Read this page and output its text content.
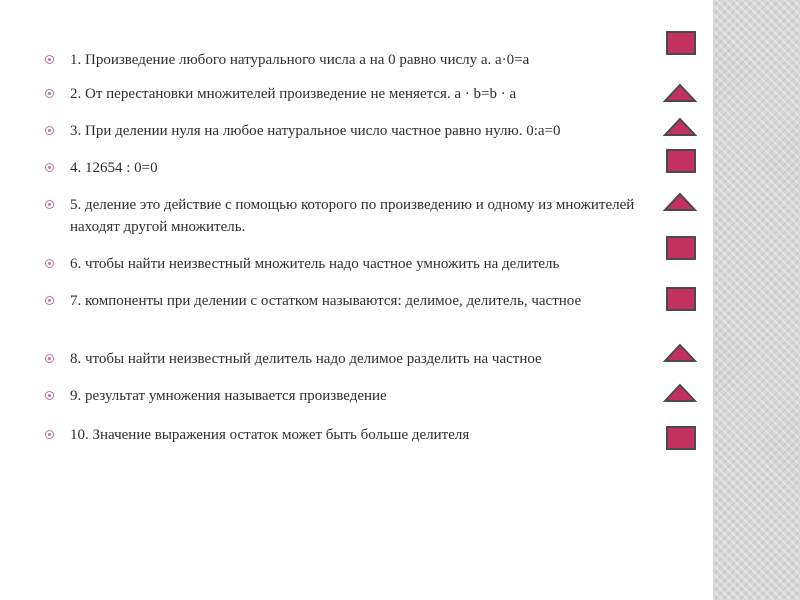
1. Произведение любого натурального числа a на 0 равно числу a. a·0=a
2. От перестановки множителей произведение не меняется. a · b=b · a
3. При делении нуля на любое натуральное число частное равно нулю. 0:a=0
4. 12654 : 0=0
5. деление это действие с помощью которого по произведению и одному из множителей находят другой множитель.
6. чтобы найти неизвестный множитель надо частное умножить на делитель
7. компоненты при делении с остатком называются: делимое, делитель, частное
8. чтобы найти неизвестный делитель надо делимое разделить на частное
9. результат умножения называется произведение
10. Значение выражения остаток может быть больше делителя
